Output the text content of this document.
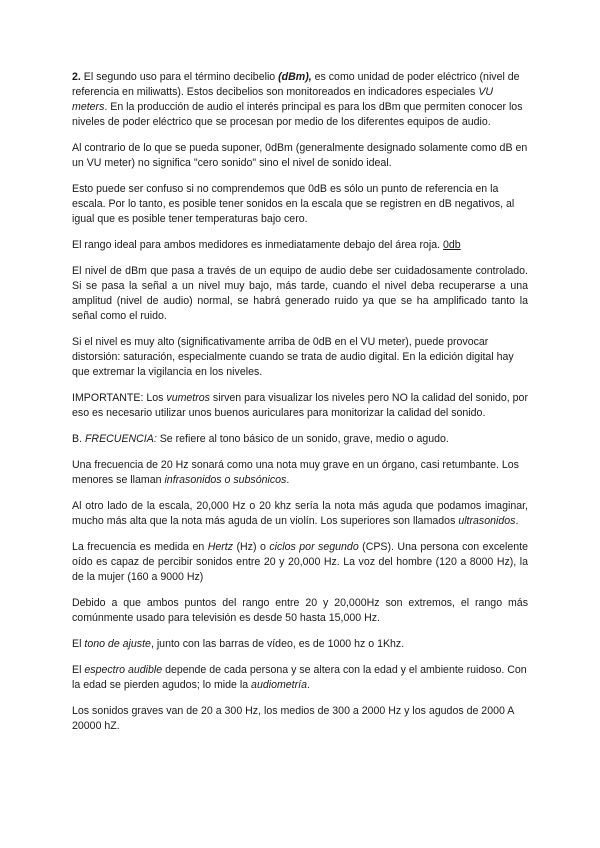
2. El segundo uso para el término decibelio (dBm), es como unidad de poder eléctrico (nivel de referencia en miliwatts). Estos decibelios son monitoreados en indicadores especiales VU meters. En la producción de audio el interés principal es para los dBm que permiten conocer los niveles de poder eléctrico que se procesan por medio de los diferentes equipos de audio.

Al contrario de lo que se pueda suponer, 0dBm (generalmente designado solamente como dB en un VU meter) no significa "cero sonido" sino el nivel de sonido ideal.

Esto puede ser confuso si no comprendemos que 0dB es sólo un punto de referencia en la escala. Por lo tanto, es posible tener sonidos en la escala que se registren en dB negativos, al igual que es posible tener temperaturas bajo cero.

El rango ideal para ambos medidores es inmediatamente debajo del área roja. 0db

El nivel de dBm que pasa a través de un equipo de audio debe ser cuidadosamente controlado. Si se pasa la señal a un nivel muy bajo, más tarde, cuando el nivel deba recuperarse a una amplitud (nivel de audio) normal, se habrá generado ruido ya que se ha amplificado tanto la señal como el ruido.

Si el nivel es muy alto (significativamente arriba de 0dB en el VU meter), puede provocar distorsión: saturación, especialmente cuando se trata de audio digital. En la edición digital hay que extremar la vigilancia en los niveles.

IMPORTANTE: Los vumetros sirven para visualizar los niveles pero NO la calidad del sonido, por eso es necesario utilizar unos buenos auriculares para monitorizar la calidad del sonido.

B. FRECUENCIA: Se refiere al tono básico de un sonido, grave, medio o agudo.

Una frecuencia de 20 Hz sonará como una nota muy grave en un órgano, casi retumbante. Los menores se llaman infrasonidos o subsónicos.

Al otro lado de la escala, 20,000 Hz o 20 khz sería la nota más aguda que podamos imaginar, mucho más alta que la nota más aguda de un violín. Los superiores son llamados ultrasonidos.

La frecuencia es medida en Hertz (Hz) o ciclos por segundo (CPS). Una persona con excelente oído es capaz de percibir sonidos entre 20 y 20,000 Hz. La voz del hombre (120 a 8000 Hz), la de la mujer (160 a 9000 Hz)

Debido a que ambos puntos del rango entre 20 y 20,000Hz son extremos, el rango más comúnmente usado para televisión es desde 50 hasta 15,000 Hz.

El tono de ajuste, junto con las barras de vídeo, es de 1000 hz o 1Khz.

El espectro audible depende de cada persona y se altera con la edad y el ambiente ruidoso. Con la edad se pierden agudos; lo mide la audiometría.

Los sonidos graves van de 20 a 300 Hz, los medios de 300 a 2000 Hz y los agudos de 2000 A 20000 hZ.
